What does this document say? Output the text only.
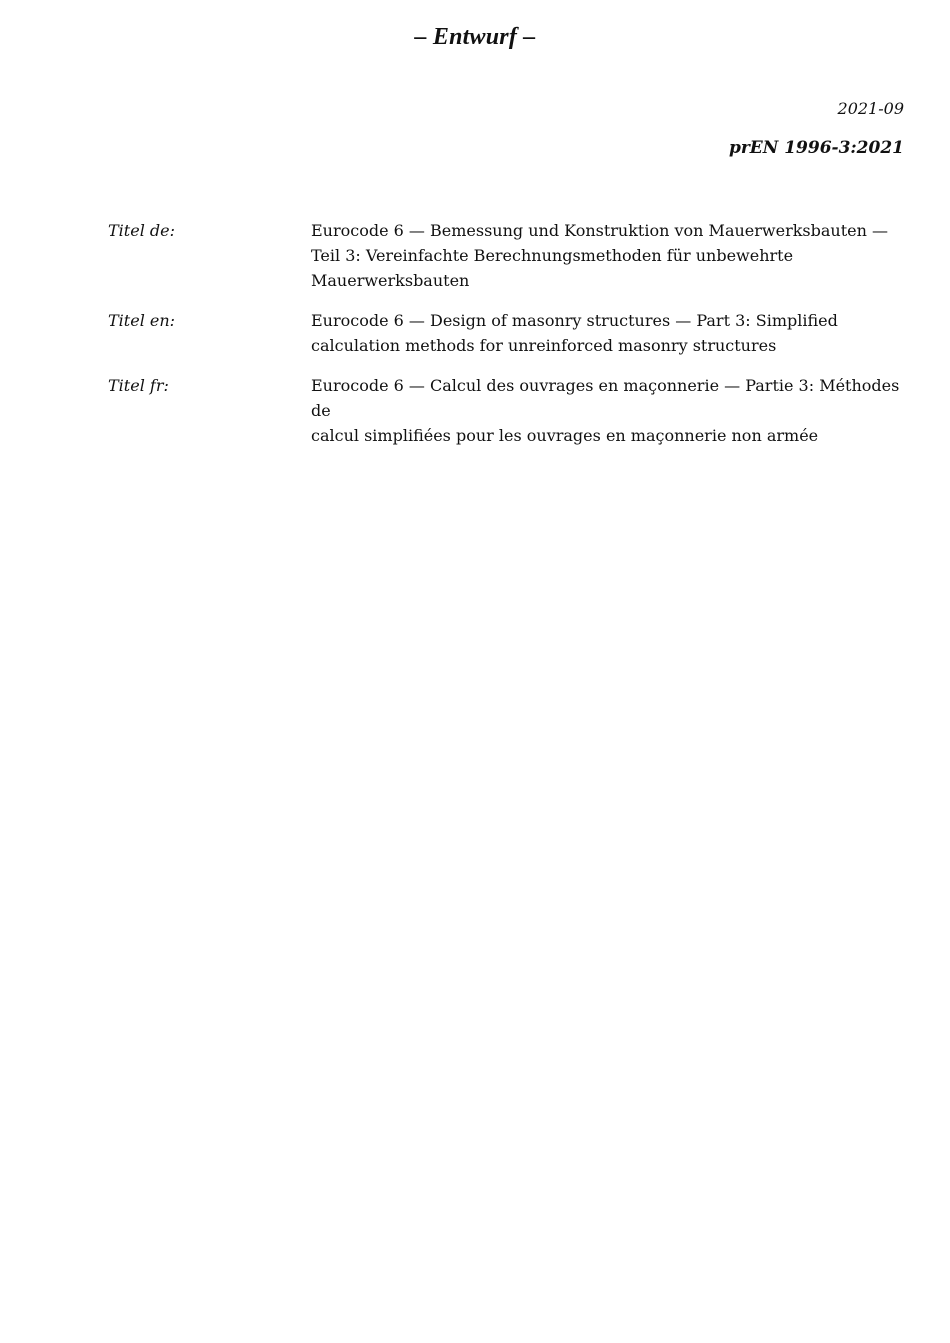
– Entwurf –
2021-09
prEN 1996-3:2021
Titel de:	Eurocode 6 — Bemessung und Konstruktion von Mauerwerksbauten —
Teil 3: Vereinfachte Berechnungsmethoden für unbewehrte
Mauerwerksbauten
Titel en:	Eurocode 6 — Design of masonry structures — Part 3: Simplified
calculation methods for unreinforced masonry structures
Titel fr:	Eurocode 6 — Calcul des ouvrages en maçonnerie — Partie 3: Méthodes de
calcul simplifiées pour les ouvrages en maçonnerie non armée
